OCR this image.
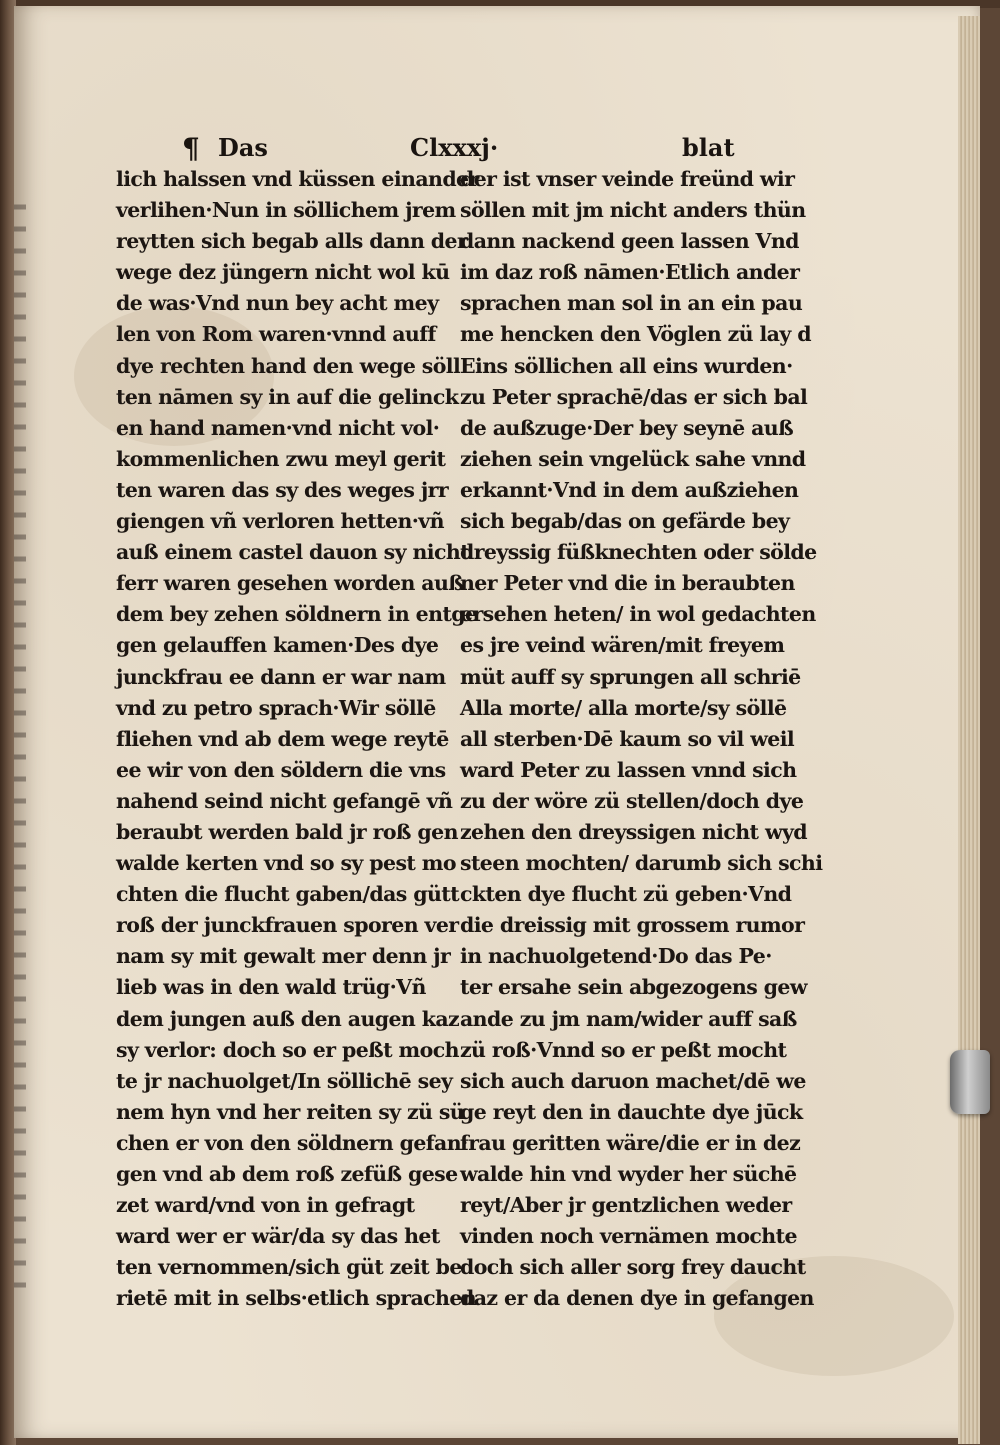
¶ Das	Clxxxj·	blat
lich halssen vnd küssen einander
verlihen·Nun in söllichem jrem
reytten sich begab alls dann der
wege dez jüngern nicht wol kū
de was·Vnd nun bey acht mey
len von Rom waren·vnnd auff
dye rechten hand den wege söll
ten nāmen sy in auf die gelinck
en hand namen·vnd nicht vol·
kommenlichen zwu meyl gerit
ten waren das sy des weges jrr
giengen vñ verloren hetten·vñ
auß einem castel dauon sy nicht
ferr waren gesehen worden auß
dem bey zehen söldnern in entge
gen gelauffen kamen·Des dye
junckfrau ee dann er war nam
vnd zu petro sprach·Wir söllē
fliehen vnd ab dem wege reytē
ee wir von den söldern die vns
nahend seind nicht gefangē vñ
beraubt werden bald jr roß gen
walde kerten vnd so sy pest mo
chten die flucht gaben/das gütt
roß der junckfrauen sporen ver
nam sy mit gewalt mer denn jr
lieb was in den wald trüg·Vñ
dem jungen auß den augen kaz
sy verlor: doch so er peßt moch
te jr nachuolget/In söllichē sey
nem hyn vnd her reiten sy zü sü
chen er von den söldnern gefan·
gen vnd ab dem roß zefüß gese
zet ward/vnd von in gefragt
ward wer er wär/da sy das het
ten vernommen/sich güt zeit be
rietē mit in selbs·etlich sprachen
der ist vnser veinde freünd wir
söllen mit jm nicht anders thün
dann nackend geen lassen Vnd
im daz roß nāmen·Etlich ander
sprachen man sol in an ein pau
me hencken den Vöglen zü lay d
Eins söllichen all eins wurden·
zu Peter sprachē/das er sich bal
de außzuge·Der bey seynē auß
ziehen sein vngelück sahe vnnd
erkannt·Vnd in dem außziehen
sich begab/das on gefärde bey
dreyssig füßknechten oder sölde
ner Peter vnd die in beraubten
ersehen heten/ in wol gedachten
es jre veind wären/mit freyem
müt auff sy sprungen all schriē
Alla morte/ alla morte/sy söllē
all sterben·Dē kaum so vil weil
ward Peter zu lassen vnnd sich
zu der wöre zü stellen/doch dye
zehen den dreyssigen nicht wyd
steen mochten/ darumb sich schi
ckten dye flucht zü geben·Vnd
die dreissig mit grossem rumor
in nachuolgetend·Do das Pe·
ter ersahe sein abgezogens gew
ande zu jm nam/wider auff saß
zü roß·Vnnd so er peßt mocht
sich auch daruon machet/dē we
ge reyt den in dauchte dye jūck
frau geritten wäre/die er in dez
walde hin vnd wyder her süchē
reyt/Aber jr gentzlichen weder
vinden noch vernämen mochte
doch sich aller sorg frey daucht
daz er da denen dye in gefangen
